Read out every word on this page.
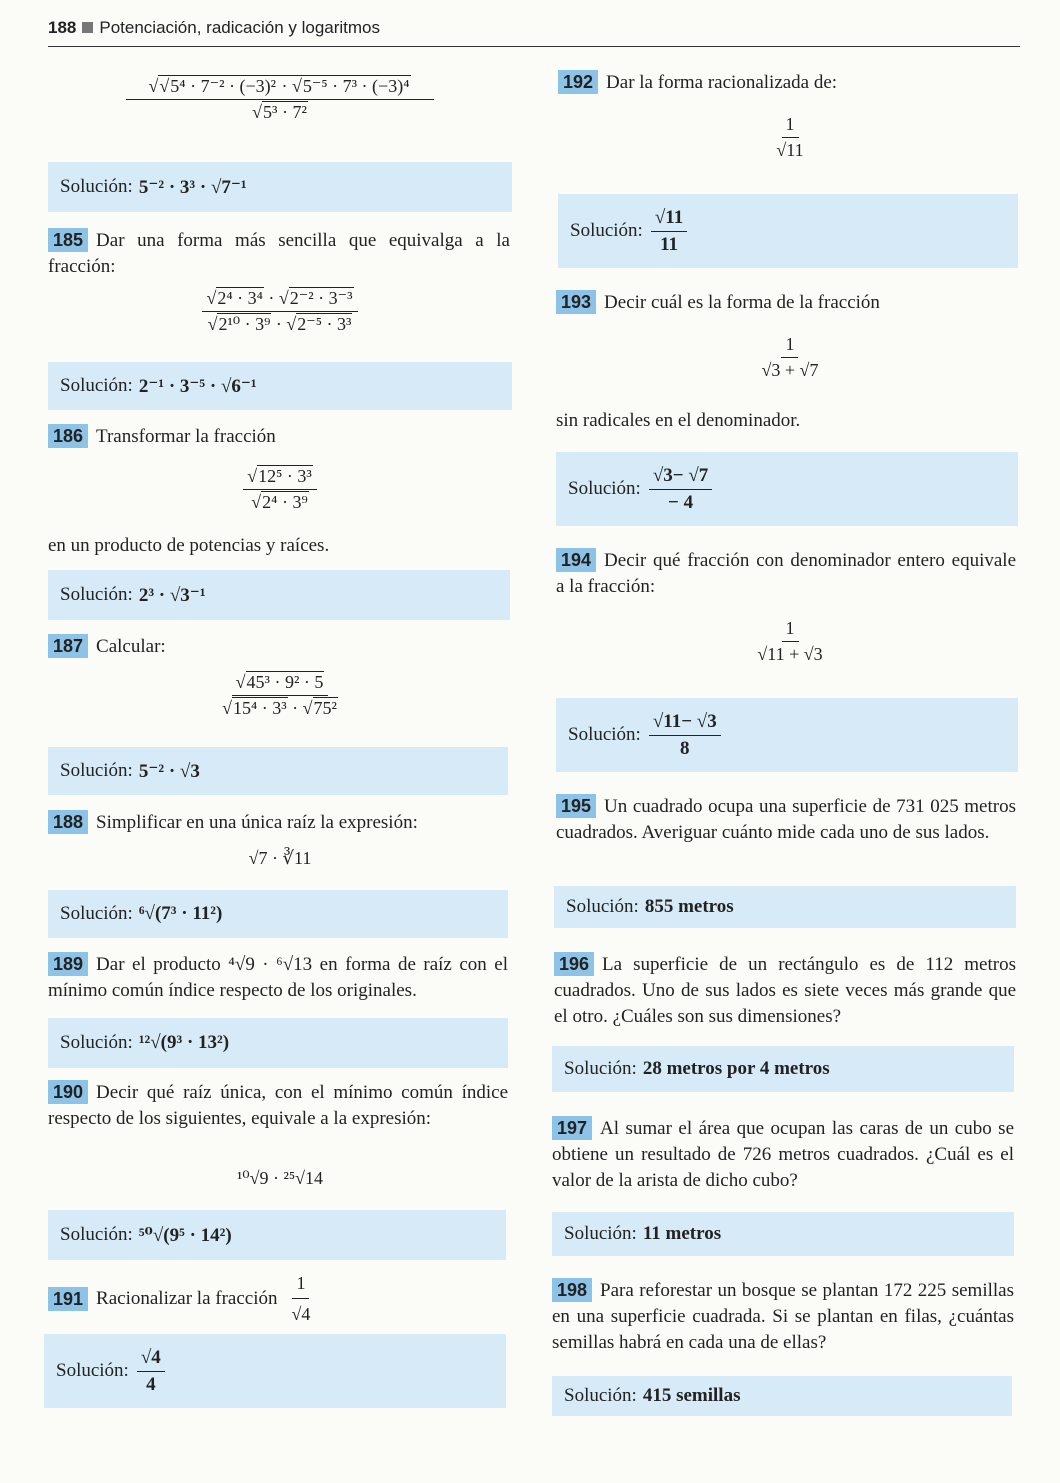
188 Potenciación, radicación y logaritmos
√√ 5⁴ · 7⁻² · (−3)² · √ 5⁻⁵ · 7³ · (−3)⁴
√ 5³ · 7²
Solución: 5⁻² · 3³ · √7⁻¹
185 Dar una forma más sencilla que equivalga a la fracción:
√ 2⁴ · 3⁴ · √ 2⁻² · 3⁻³
√ 2¹⁰ · 3⁹ · √ 2⁻⁵ · 3³
Solución: 2⁻¹ · 3⁻⁵ · √6⁻¹
186 Transformar la fracción
√ 12⁵ · 3³
√ 2⁴ · 3⁹
en un producto de potencias y raíces.
Solución: 2³ · √3⁻¹
187 Calcular:
√ 45³ · 9² · 5
√ 15⁴ · 3³ · √ 75²
Solución: 5⁻² · √3
188 Simplificar en una única raíz la expresión:
√7 · ∛11
Solución: ⁶√(7³ · 11²)
189 Dar el producto ⁴√9 · ⁶√13 en forma de raíz con el mínimo común índice respecto de los originales.
Solución: ¹²√(9³ · 13²)
190 Decir qué raíz única, con el mínimo común índice respecto de los siguientes, equivale a la expresión:
¹⁰√9 · ²⁵√14
Solución: ⁵⁰√(9⁵ · 14²)
191 Racionalizar la fracción $\frac{1}{√4}$
Solución: $\frac{√4}{4}$
192 Dar la forma racionalizada de:
$\frac{1}{√11}$
Solución: $\frac{√11}{11}$
193 Decir cuál es la forma de la fracción
$\frac{1}{√3 + √7}$
sin radicales en el denominador.
Solución: $\frac{√3- √7}{- 4}$
194 Decir qué fracción con denominador entero equivale a la fracción:
$\frac{1}{√11 + √3}$
Solución: $\frac{√11- √3}{8}$
195 Un cuadrado ocupa una superficie de 731 025 metros cuadrados. Averiguar cuánto mide cada uno de sus lados.
Solución: 855 metros
196 La superficie de un rectángulo es de 112 metros cuadrados. Uno de sus lados es siete veces más grande que el otro. ¿Cuáles son sus dimensiones?
Solución: 28 metros por 4 metros
197 Al sumar el área que ocupan las caras de un cubo se obtiene un resultado de 726 metros cuadrados. ¿Cuál es el valor de la arista de dicho cubo?
Solución: 11 metros
198 Para reforestar un bosque se plantan 172 225 semillas en una superficie cuadrada. Si se plantan en filas, ¿cuántas semillas habrá en cada una de ellas?
Solución: 415 semillas
